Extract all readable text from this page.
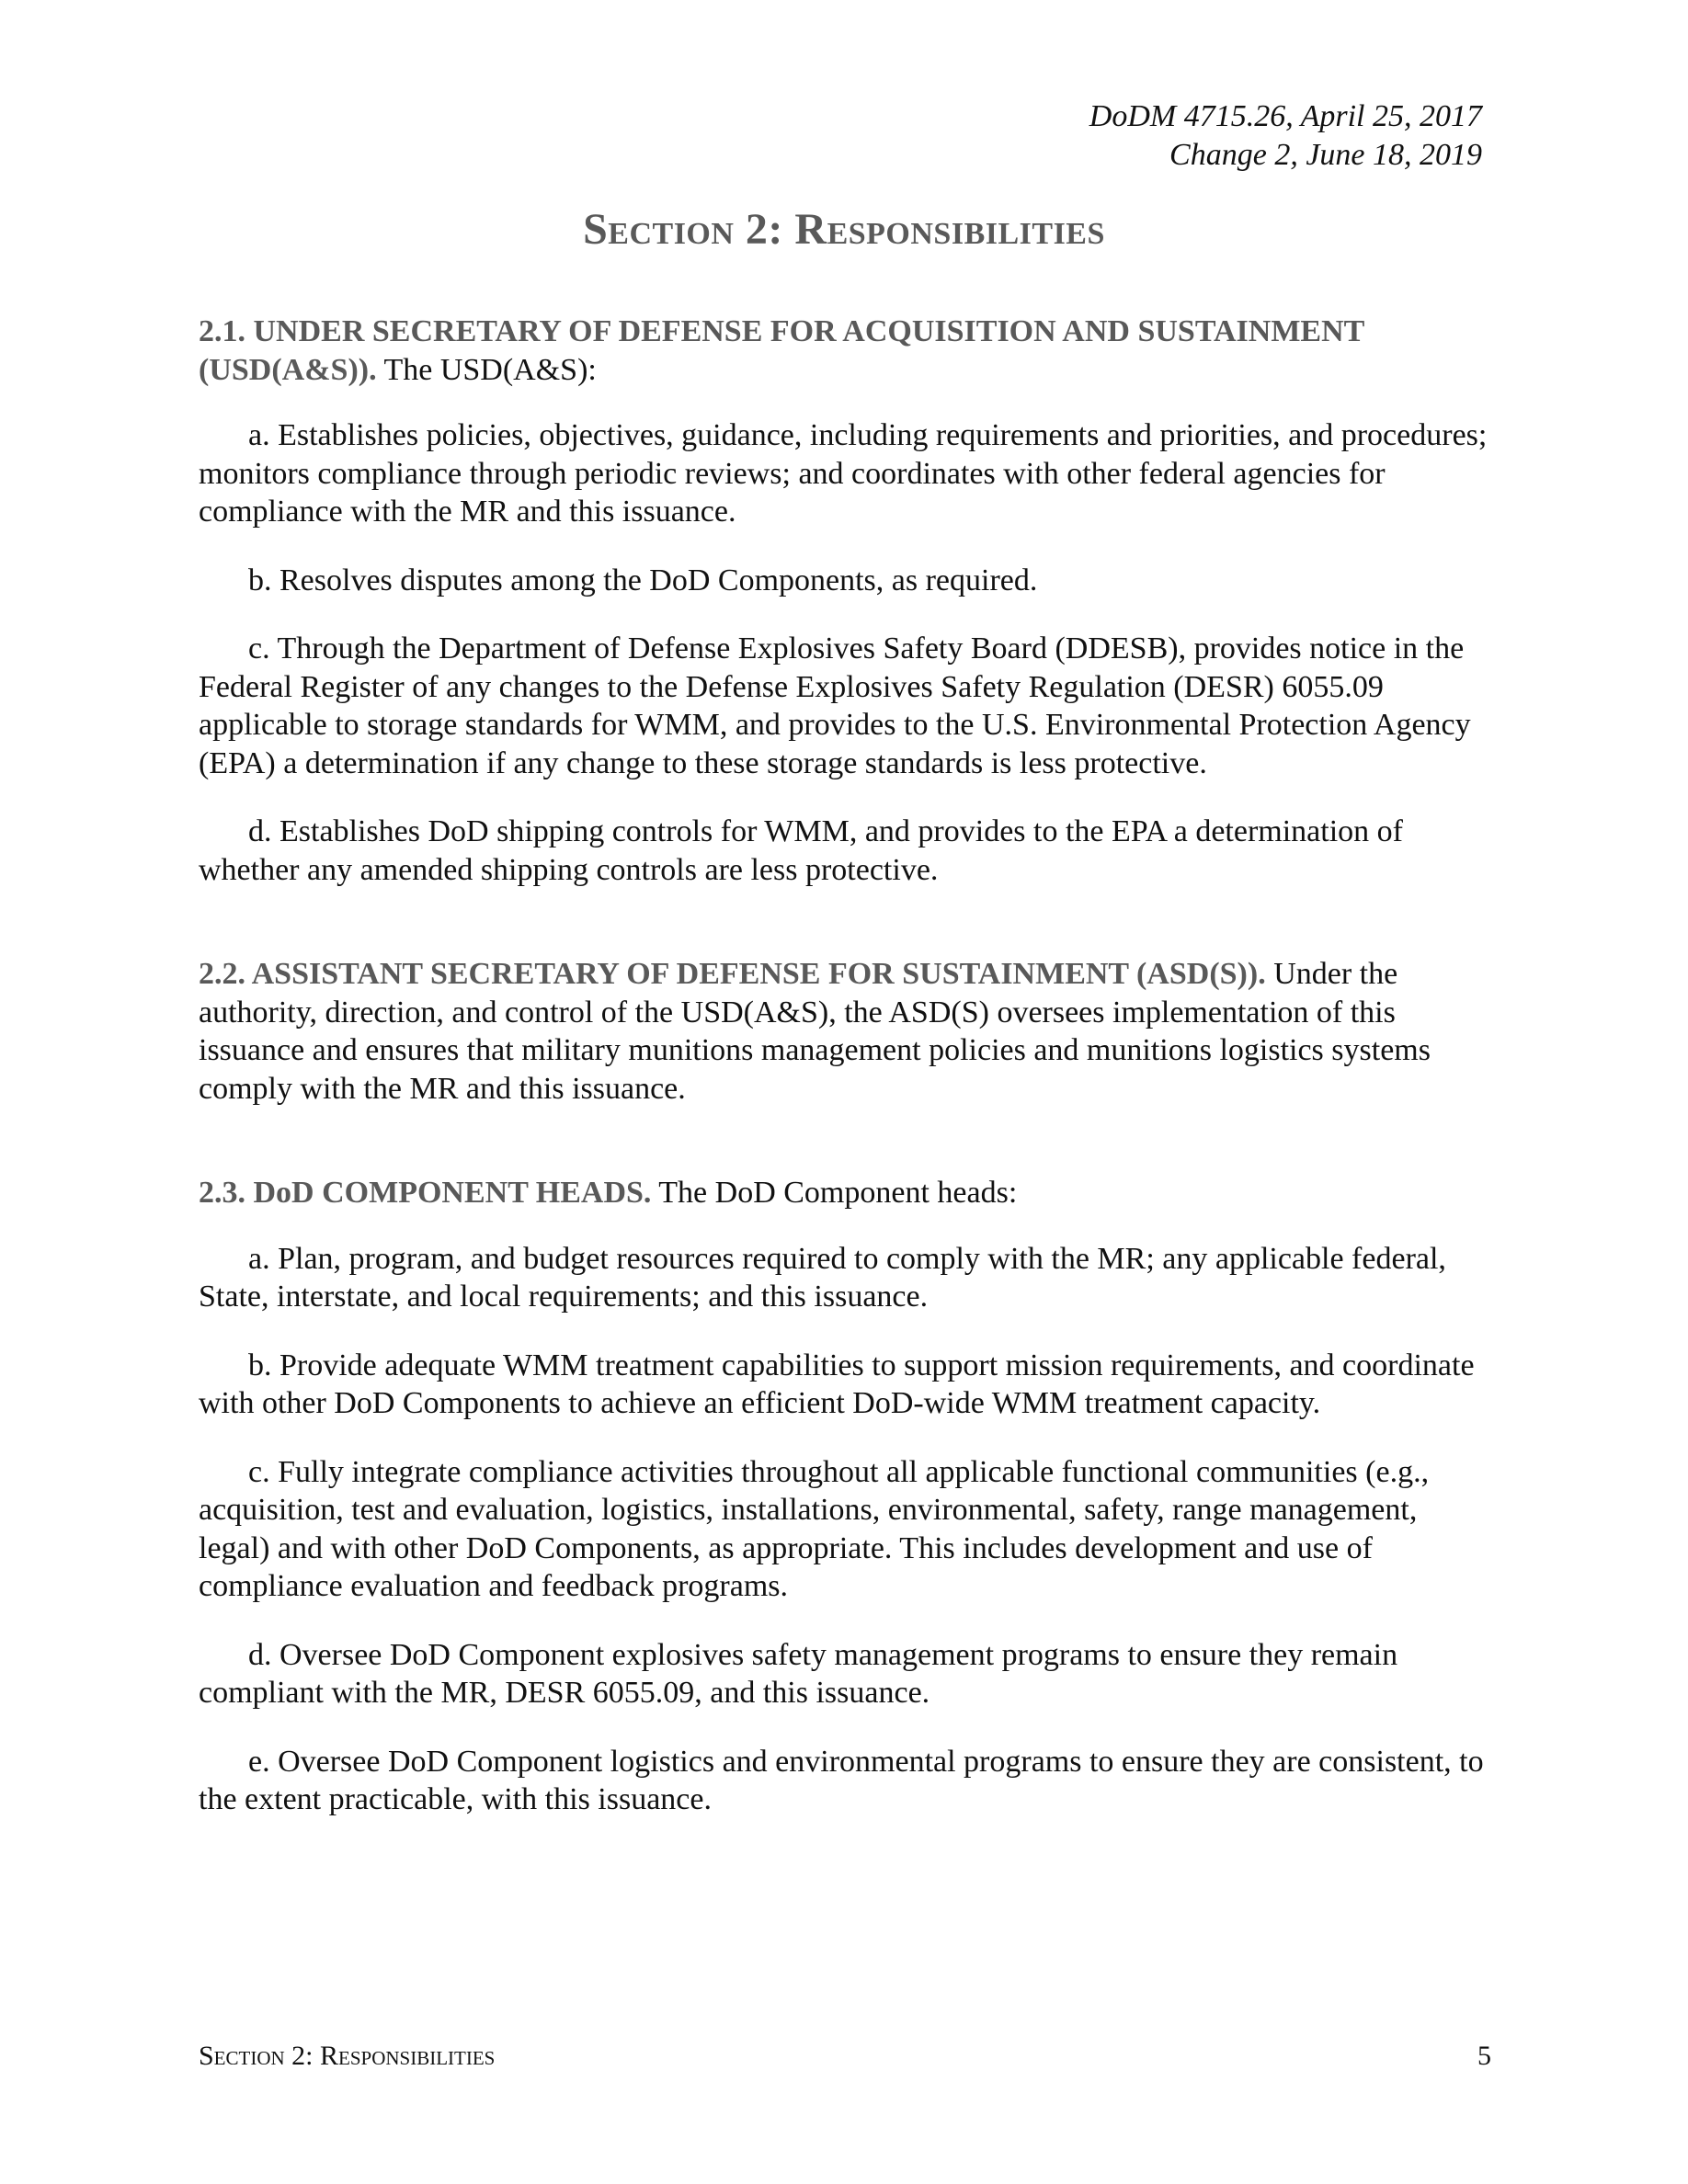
DoDM 4715.26, April 25, 2017
Change 2, June 18, 2019
Section 2: Responsibilities

2.1. UNDER SECRETARY OF DEFENSE FOR ACQUISITION AND SUSTAINMENT (USD(A&S)). The USD(A&S):

a. Establishes policies, objectives, guidance, including requirements and priorities, and procedures; monitors compliance through periodic reviews; and coordinates with other federal agencies for compliance with the MR and this issuance.

b. Resolves disputes among the DoD Components, as required.

c. Through the Department of Defense Explosives Safety Board (DDESB), provides notice in the Federal Register of any changes to the Defense Explosives Safety Regulation (DESR) 6055.09 applicable to storage standards for WMM, and provides to the U.S. Environmental Protection Agency (EPA) a determination if any change to these storage standards is less protective.

d. Establishes DoD shipping controls for WMM, and provides to the EPA a determination of whether any amended shipping controls are less protective.

2.2. ASSISTANT SECRETARY OF DEFENSE FOR SUSTAINMENT (ASD(S)). Under the authority, direction, and control of the USD(A&S), the ASD(S) oversees implementation of this issuance and ensures that military munitions management policies and munitions logistics systems comply with the MR and this issuance.

2.3. DoD COMPONENT HEADS. The DoD Component heads:

a. Plan, program, and budget resources required to comply with the MR; any applicable federal, State, interstate, and local requirements; and this issuance.

b. Provide adequate WMM treatment capabilities to support mission requirements, and coordinate with other DoD Components to achieve an efficient DoD-wide WMM treatment capacity.

c. Fully integrate compliance activities throughout all applicable functional communities (e.g., acquisition, test and evaluation, logistics, installations, environmental, safety, range management, legal) and with other DoD Components, as appropriate. This includes development and use of compliance evaluation and feedback programs.

d. Oversee DoD Component explosives safety management programs to ensure they remain compliant with the MR, DESR 6055.09, and this issuance.

e. Oversee DoD Component logistics and environmental programs to ensure they are consistent, to the extent practicable, with this issuance.

Section 2: Responsibilities	5
